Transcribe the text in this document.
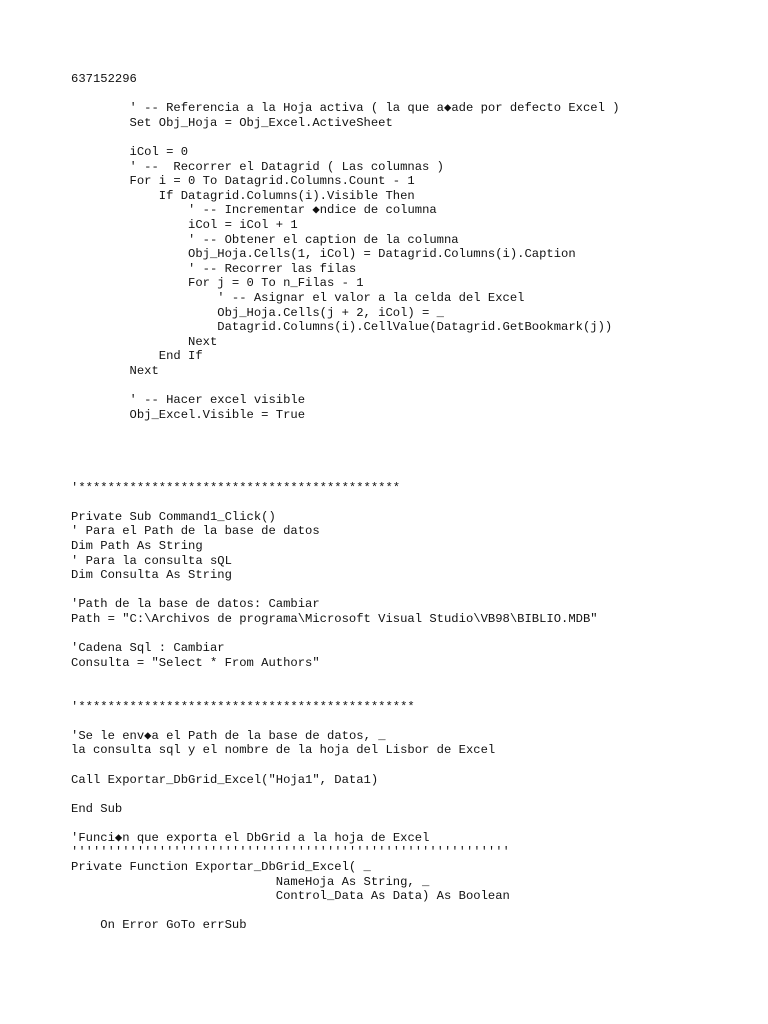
637152296
' -- Referencia a la Hoja activa ( la que a◆ade por defecto Excel )
Set Obj_Hoja = Obj_Excel.ActiveSheet
iCol = 0
' --  Recorrer el Datagrid ( Las columnas )
For i = 0 To Datagrid.Columns.Count - 1
If Datagrid.Columns(i).Visible Then
' -- Incrementar ◆ndice de columna
iCol = iCol + 1
' -- Obtener el caption de la columna
Obj_Hoja.Cells(1, iCol) = Datagrid.Columns(i).Caption
' -- Recorrer las filas
For j = 0 To n_Filas - 1
' -- Asignar el valor a la celda del Excel
Obj_Hoja.Cells(j + 2, iCol) = _
Datagrid.Columns(i).CellValue(Datagrid.GetBookmark(j))
Next
End If
Next
' -- Hacer excel visible
Obj_Excel.Visible = True
'********************************************
Private Sub Command1_Click()
' Para el Path de la base de datos
Dim Path As String
' Para la consulta sQL
Dim Consulta As String
'Path de la base de datos: Cambiar
Path = "C:\Archivos de programa\Microsoft Visual Studio\VB98\BIBLIO.MDB"
'Cadena Sql : Cambiar
Consulta = "Select * From Authors"
'**********************************************
'Se le env◆a el Path de la base de datos, _
la consulta sql y el nombre de la hoja del Lisbor de Excel
Call Exportar_DbGrid_Excel("Hoja1", Data1)
End Sub
'Funci◆n que exporta el DbGrid a la hoja de Excel
''''''''''''''''''''''''''''''''''''''''''''''''''''''''''''
Private Function Exportar_DbGrid_Excel( _
NameHoja As String, _
Control_Data As Data) As Boolean
On Error GoTo errSub
